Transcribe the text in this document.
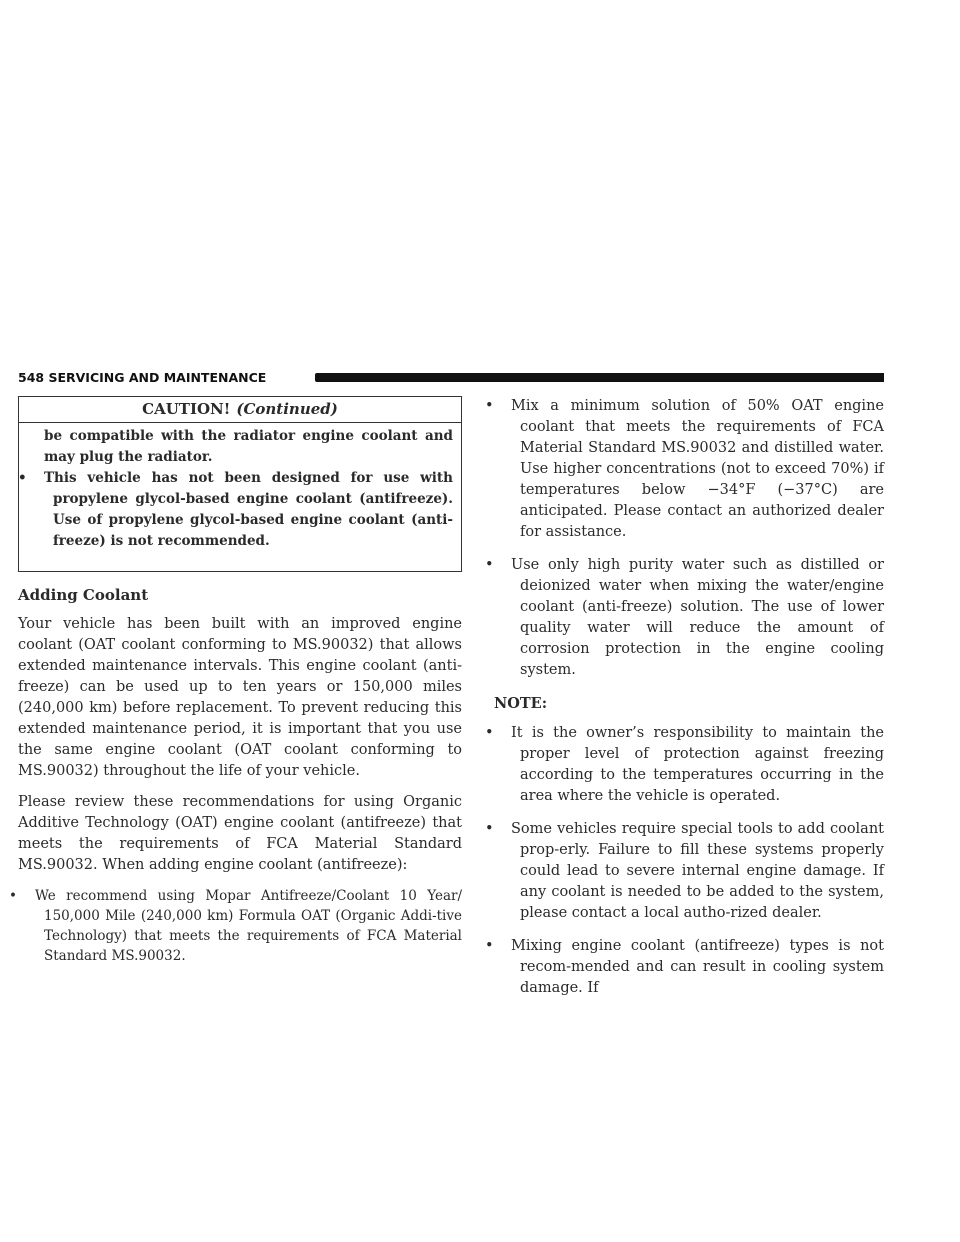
548 SERVICING AND MAINTENANCE
CAUTION! (Continued)

be compatible with the radiator engine coolant and may plug the radiator.

• This vehicle has not been designed for use with propylene glycol-based engine coolant (antifreeze). Use of propylene glycol-based engine coolant (anti-freeze) is not recommended.
Adding Coolant

Your vehicle has been built with an improved engine coolant (OAT coolant conforming to MS.90032) that allows extended maintenance intervals. This engine coolant (anti-freeze) can be used up to ten years or 150,000 miles (240,000 km) before replacement. To prevent reducing this extended maintenance period, it is important that you use the same engine coolant (OAT coolant conforming to MS.90032) throughout the life of your vehicle.

Please review these recommendations for using Organic Additive Technology (OAT) engine coolant (antifreeze) that meets the requirements of FCA Material Standard MS.90032. When adding engine coolant (antifreeze):

• We recommend using Mopar Antifreeze/Coolant 10 Year/ 150,000 Mile (240,000 km) Formula OAT (Organic Addi-tive Technology) that meets the requirements of FCA Material Standard MS.90032.
• Mix a minimum solution of 50% OAT engine coolant that meets the requirements of FCA Material Standard MS.90032 and distilled water. Use higher concentrations (not to exceed 70%) if temperatures below −34°F (−37°C) are anticipated. Please contact an authorized dealer for assistance.
• Use only high purity water such as distilled or deionized water when mixing the water/engine coolant (anti-freeze) solution. The use of lower quality water will reduce the amount of corrosion protection in the engine cooling system.
NOTE:
• It is the owner’s responsibility to maintain the proper level of protection against freezing according to the temperatures occurring in the area where the vehicle is operated.
• Some vehicles require special tools to add coolant prop-erly. Failure to fill these systems properly could lead to severe internal engine damage. If any coolant is needed to be added to the system, please contact a local autho-rized dealer.
• Mixing engine coolant (antifreeze) types is not recom-mended and can result in cooling system damage. If
